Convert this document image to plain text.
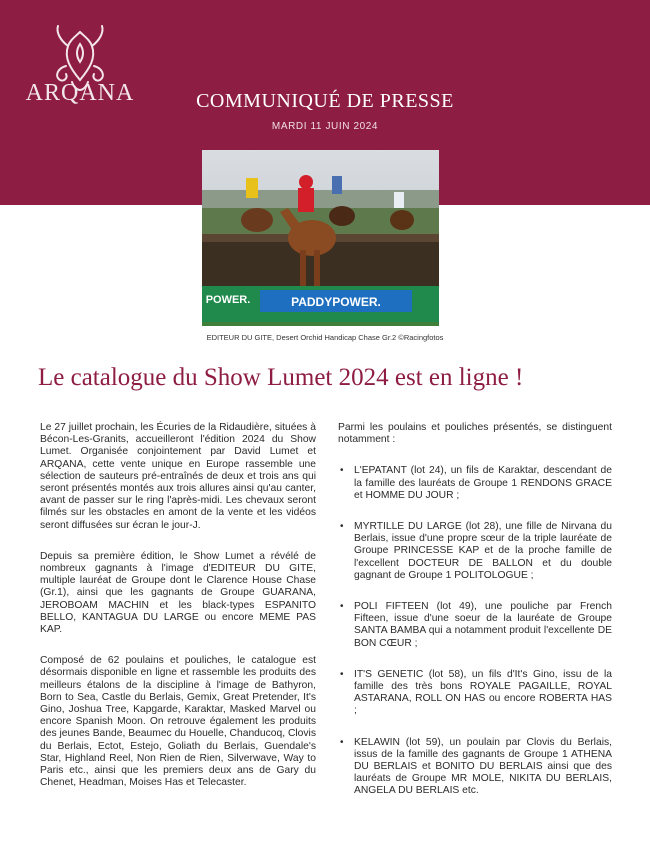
ARQANA	COMMUNIQUÉ DE PRESSE
MARDI 11 JUIN 2024
PADDYPOWER.
POWER.
EDITEUR DU GITE, Desert Orchid Handicap Chase Gr.2 ©Racingfotos
Le catalogue du Show Lumet 2024 est en ligne !

Le 27 juillet prochain, les Écuries de la Ridaudière, situées à Bécon-Les-Granits, accueilleront l'édition 2024 du Show Lumet. Organisée conjointement par David Lumet et ARQANA, cette vente unique en Europe rassemble une sélection de sauteurs pré-entraînés de deux et trois ans qui seront présentés montés aux trois allures ainsi qu'au canter, avant de passer sur le ring l'après-midi. Les chevaux seront filmés sur les obstacles en amont de la vente et les vidéos seront diffusées sur écran le jour-J.

Depuis sa première édition, le Show Lumet a révélé de nombreux gagnants à l'image d'EDITEUR DU GITE, multiple lauréat de Groupe dont le Clarence House Chase (Gr.1), ainsi que les gagnants de Groupe GUARANA, JEROBOAM MACHIN et les black-types ESPANITO BELLO, KANTAGUA DU LARGE ou encore MEME PAS KAP.

Composé de 62 poulains et pouliches, le catalogue est désormais disponible en ligne et rassemble les produits des meilleurs étalons de la discipline à l'image de Bathyron, Born to Sea, Castle du Berlais, Gemix, Great Pretender, It's Gino, Joshua Tree, Kapgarde, Karaktar, Masked Marvel ou encore Spanish Moon. On retrouve également les produits des jeunes Bande, Beaumec du Houelle, Chanducoq, Clovis du Berlais, Ectot, Estejo, Goliath du Berlais, Guendale's Star, Highland Reel, Non Rien de Rien, Silverwave, Way to Paris etc., ainsi que les premiers deux ans de Gary du Chenet, Headman, Moises Has et Telecaster.

Parmi les poulains et pouliches présentés, se distinguent notamment :

• L'EPATANT (lot 24), un fils de Karaktar, descendant de la famille des lauréats de Groupe 1 RENDONS GRACE et HOMME DU JOUR ;
• MYRTILLE DU LARGE (lot 28), une fille de Nirvana du Berlais, issue d'une propre sœur de la triple lauréate de Groupe PRINCESSE KAP et de la proche famille de l'excellent DOCTEUR DE BALLON et du double gagnant de Groupe 1 POLITOLOGUE ;
• POLI FIFTEEN (lot 49), une pouliche par French Fifteen, issue d'une soeur de la lauréate de Groupe SANTA BAMBA qui a notamment produit l'excellente DE BON CŒUR ;
• IT'S GENETIC (lot 58), un fils d'It's Gino, issu de la famille des très bons ROYALE PAGAILLE, ROYAL ASTARANA, ROLL ON HAS ou encore ROBERTA HAS ;
• KELAWIN (lot 59), un poulain par Clovis du Berlais, issus de la famille des gagnants de Groupe 1 ATHENA DU BERLAIS et BONITO DU BERLAIS ainsi que des lauréats de Groupe MR MOLE, NIKITA DU BERLAIS, ANGELA DU BERLAIS etc.
